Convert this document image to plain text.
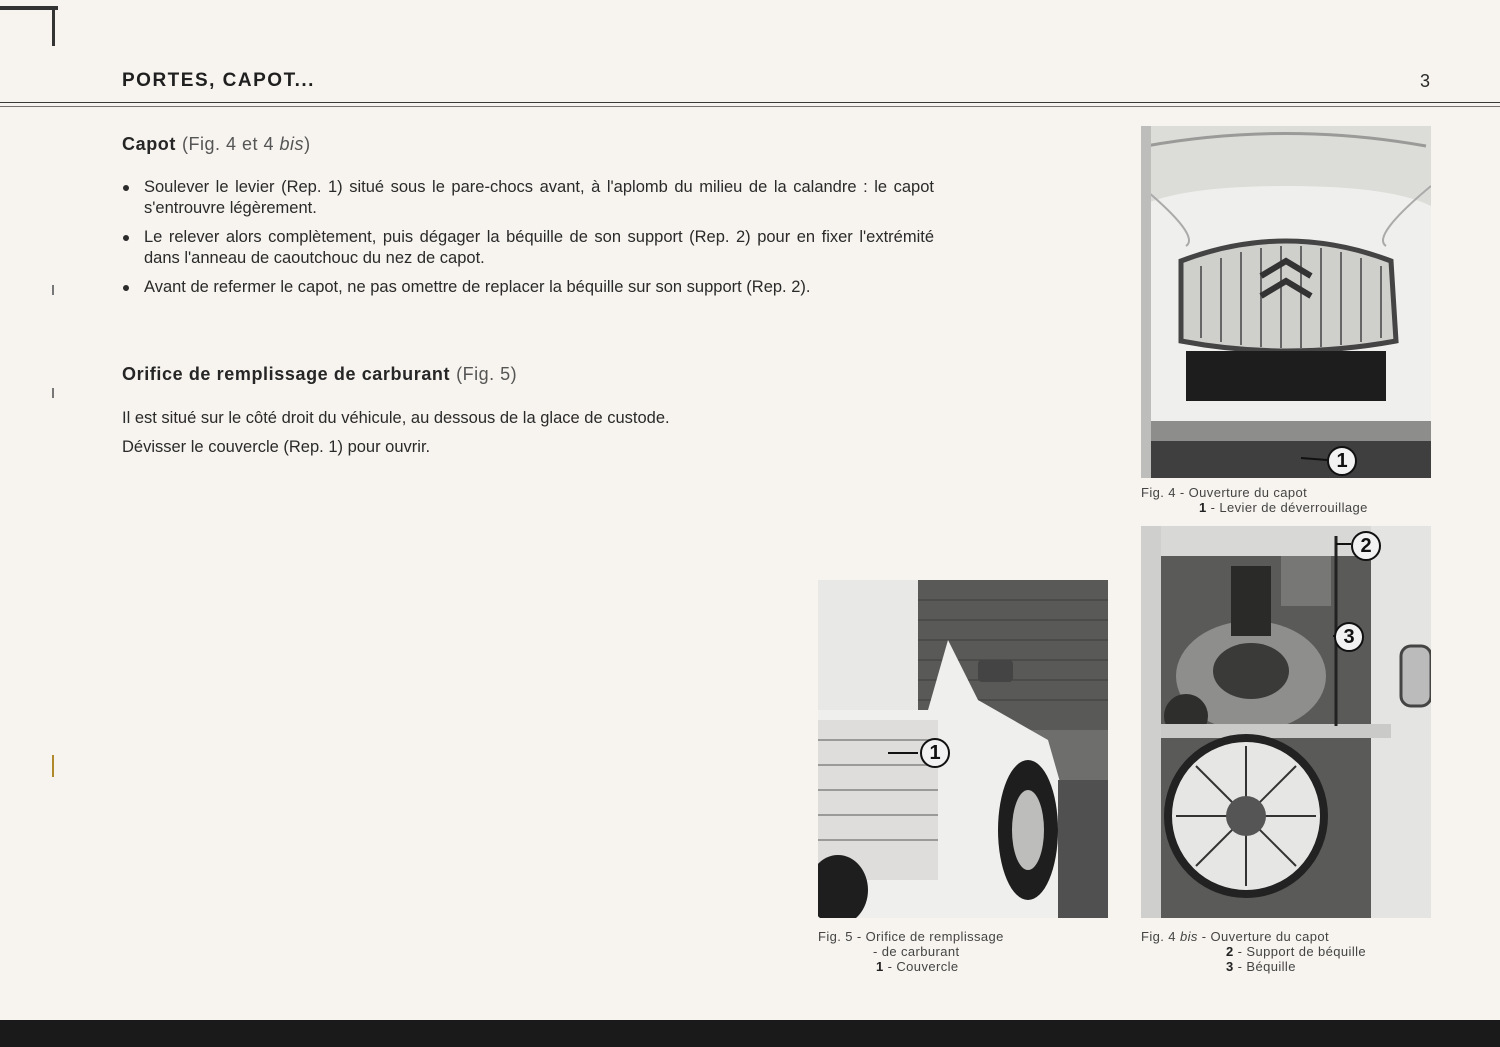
PORTES, CAPOT...	3
Capot (Fig. 4 et 4 bis)
Soulever le levier (Rep. 1) situé sous le pare-chocs avant, à l'aplomb du milieu de la calandre : le capot s'entrouvre légèrement.
Le relever alors complètement, puis dégager la béquille de son support (Rep. 2) pour en fixer l'extrémité dans l'anneau de caoutchouc du nez de capot.
Avant de refermer le capot, ne pas omettre de replacer la béquille sur son support (Rep. 2).
Orifice de remplissage de carburant (Fig. 5)
Il est situé sur le côté droit du véhicule, au dessous de la glace de custode.
Dévisser le couvercle (Rep. 1) pour ouvrir.
1
Fig. 4 - Ouverture du capot
1 - Levier de déverrouillage
2
3
Fig. 4 bis - Ouverture du capot
2 - Support de béquille
3 - Béquille
1
Fig. 5 - Orifice de remplissage
- de carburant
1 - Couvercle
